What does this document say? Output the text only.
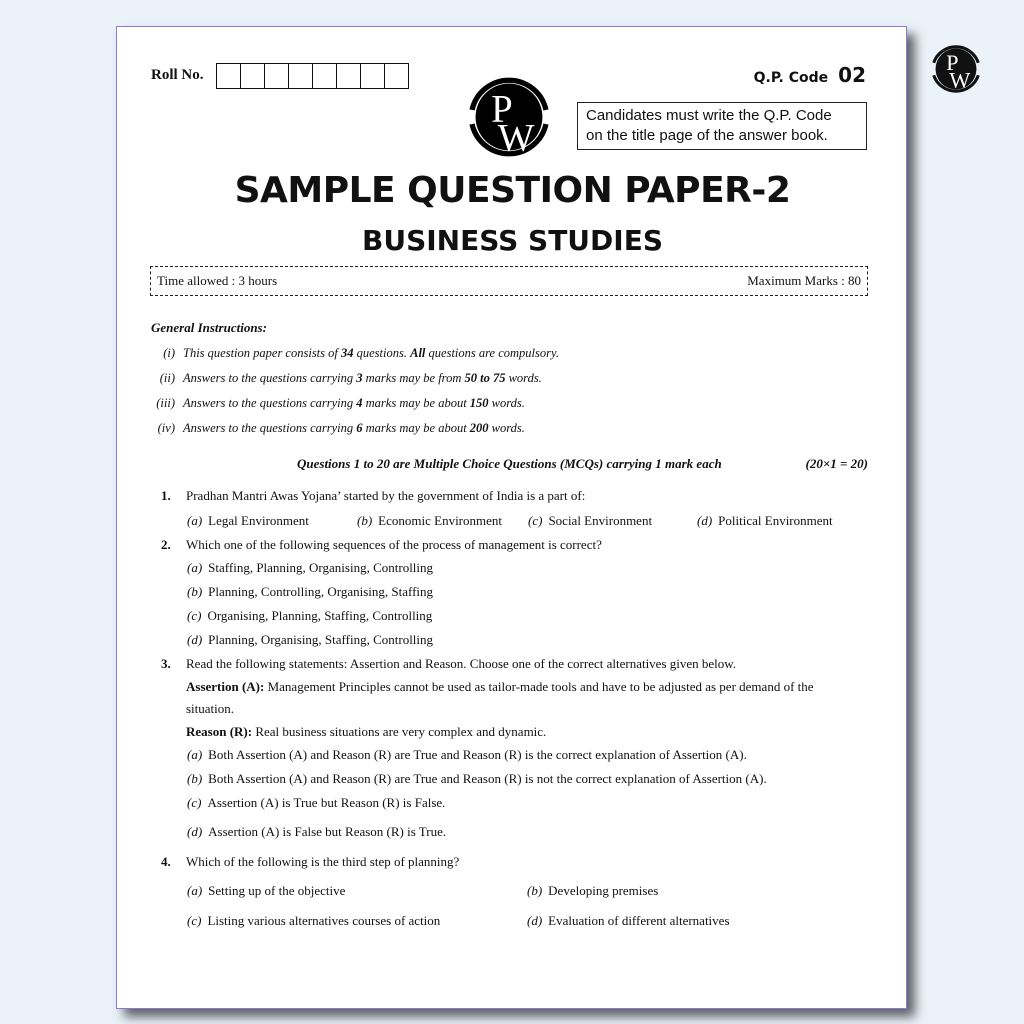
P
W
Roll No.
P
W
Q.P. Code 02
Candidates must write the Q.P. Code
on the title page of the answer book.
SAMPLE QUESTION PAPER-2
BUSINESS STUDIES
Time allowed : 3 hours	Maximum Marks : 80
General Instructions:
(i) This question paper consists of 34 questions. All questions are compulsory.
(ii) Answers to the questions carrying 3 marks may be from 50 to 75 words.
(iii) Answers to the questions carrying 4 marks may be about 150 words.
(iv) Answers to the questions carrying 6 marks may be about 200 words.
Questions 1 to 20 are Multiple Choice Questions (MCQs) carrying 1 mark each	(20×1 = 20)
1. Pradhan Mantri Awas Yojana’ started by the government of India is a part of:
(a) Legal Environment	(b) Economic Environment (c) Social Environment	(d) Political Environment
2. Which one of the following sequences of the process of management is correct?
(a) Staffing, Planning, Organising, Controlling
(b) Planning, Controlling, Organising, Staffing
(c) Organising, Planning, Staffing, Controlling
(d) Planning, Organising, Staffing, Controlling
3. Read the following statements: Assertion and Reason. Choose one of the correct alternatives given below.
Assertion (A): Management Principles cannot be used as tailor-made tools and have to be adjusted as per demand of the
situation.
Reason (R): Real business situations are very complex and dynamic.
(a) Both Assertion (A) and Reason (R) are True and Reason (R) is the correct explanation of Assertion (A).
(b) Both Assertion (A) and Reason (R) are True and Reason (R) is not the correct explanation of Assertion (A).
(c) Assertion (A) is True but Reason (R) is False.
(d) Assertion (A) is False but Reason (R) is True.
4. Which of the following is the third step of planning?
(a) Setting up of the objective	(b) Developing premises
(c) Listing various alternatives courses of action	(d) Evaluation of different alternatives
